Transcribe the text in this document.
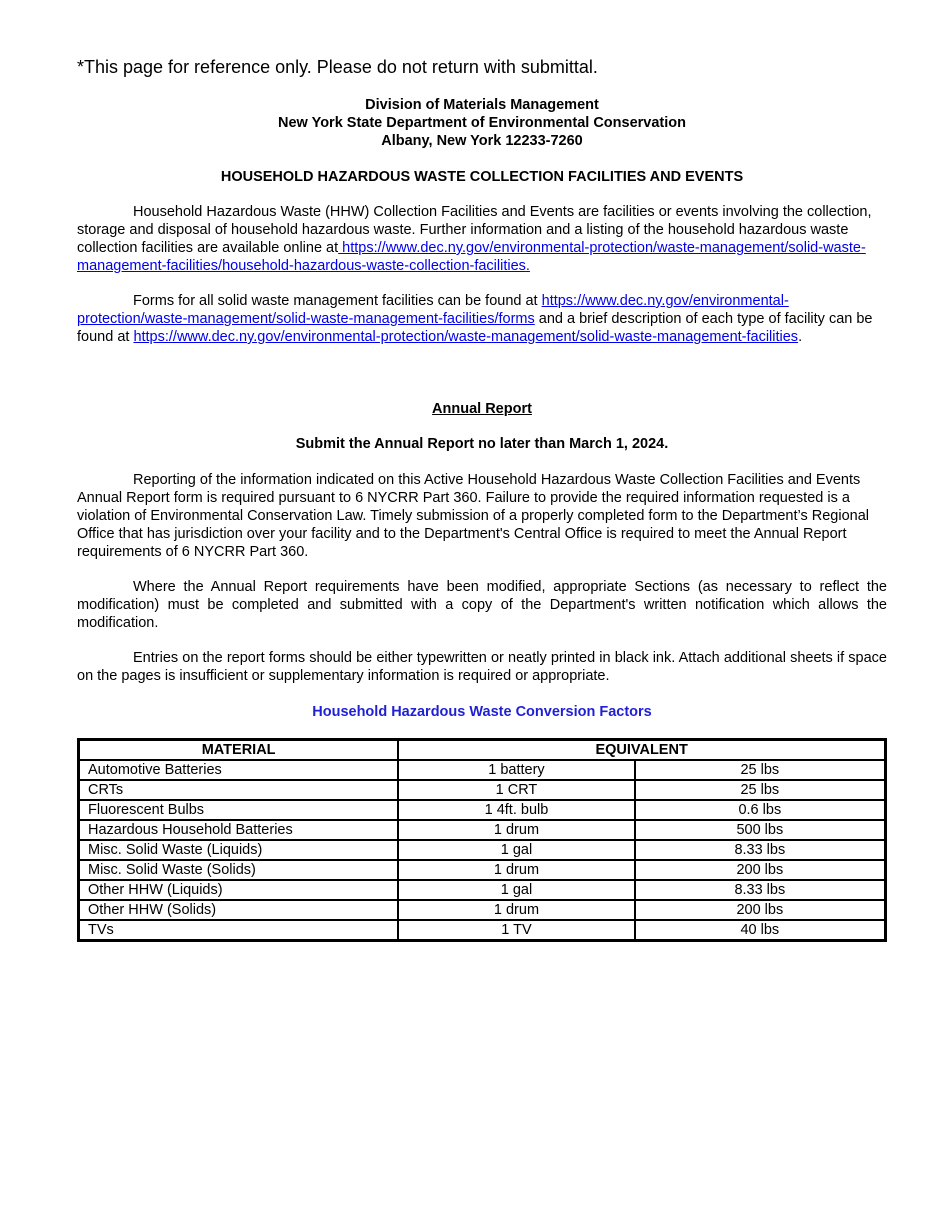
*This page for reference only. Please do not return with submittal.
Division of Materials Management
New York State Department of Environmental Conservation
Albany, New York 12233-7260
HOUSEHOLD HAZARDOUS WASTE COLLECTION FACILITIES AND EVENTS

Household Hazardous Waste (HHW) Collection Facilities and Events are facilities or events involving the collection, storage and disposal of household hazardous waste. Further information and a listing of the household hazardous waste collection facilities are available online at https://www.dec.ny.gov/environmental-protection/waste-management/solid-waste-management-facilities/household-hazardous-waste-collection-facilities.

Forms for all solid waste management facilities can be found at https://www.dec.ny.gov/environmental-protection/waste-management/solid-waste-management-facilities/forms and a brief description of each type of facility can be found at https://www.dec.ny.gov/environmental-protection/waste-management/solid-waste-management-facilities.

Annual Report
Submit the Annual Report no later than March 1, 2024.

Reporting of the information indicated on this Active Household Hazardous Waste Collection Facilities and Events Annual Report form is required pursuant to 6 NYCRR Part 360. Failure to provide the required information requested is a violation of Environmental Conservation Law. Timely submission of a properly completed form to the Department’s Regional Office that has jurisdiction over your facility and to the Department's Central Office is required to meet the Annual Report requirements of 6 NYCRR Part 360.

Where the Annual Report requirements have been modified, appropriate Sections (as necessary to reflect the modification) must be completed and submitted with a copy of the Department's written notification which allows the modification.

Entries on the report forms should be either typewritten or neatly printed in black ink. Attach additional sheets if space on the pages is insufficient or supplementary information is required or appropriate.

Household Hazardous Waste Conversion Factors
MATERIAL	EQUIVALENT	
Automotive Batteries	1 battery	25 lbs
CRTs	1 CRT	25 lbs
Fluorescent Bulbs	1 4ft. bulb	0.6 lbs
Hazardous Household Batteries	1 drum	500 lbs
Misc. Solid Waste (Liquids)	1 gal	8.33 lbs
Misc. Solid Waste (Solids)	1 drum	200 lbs
Other HHW (Liquids)	1 gal	8.33 lbs
Other HHW (Solids)	1 drum	200 lbs
TVs	1 TV	40 lbs
